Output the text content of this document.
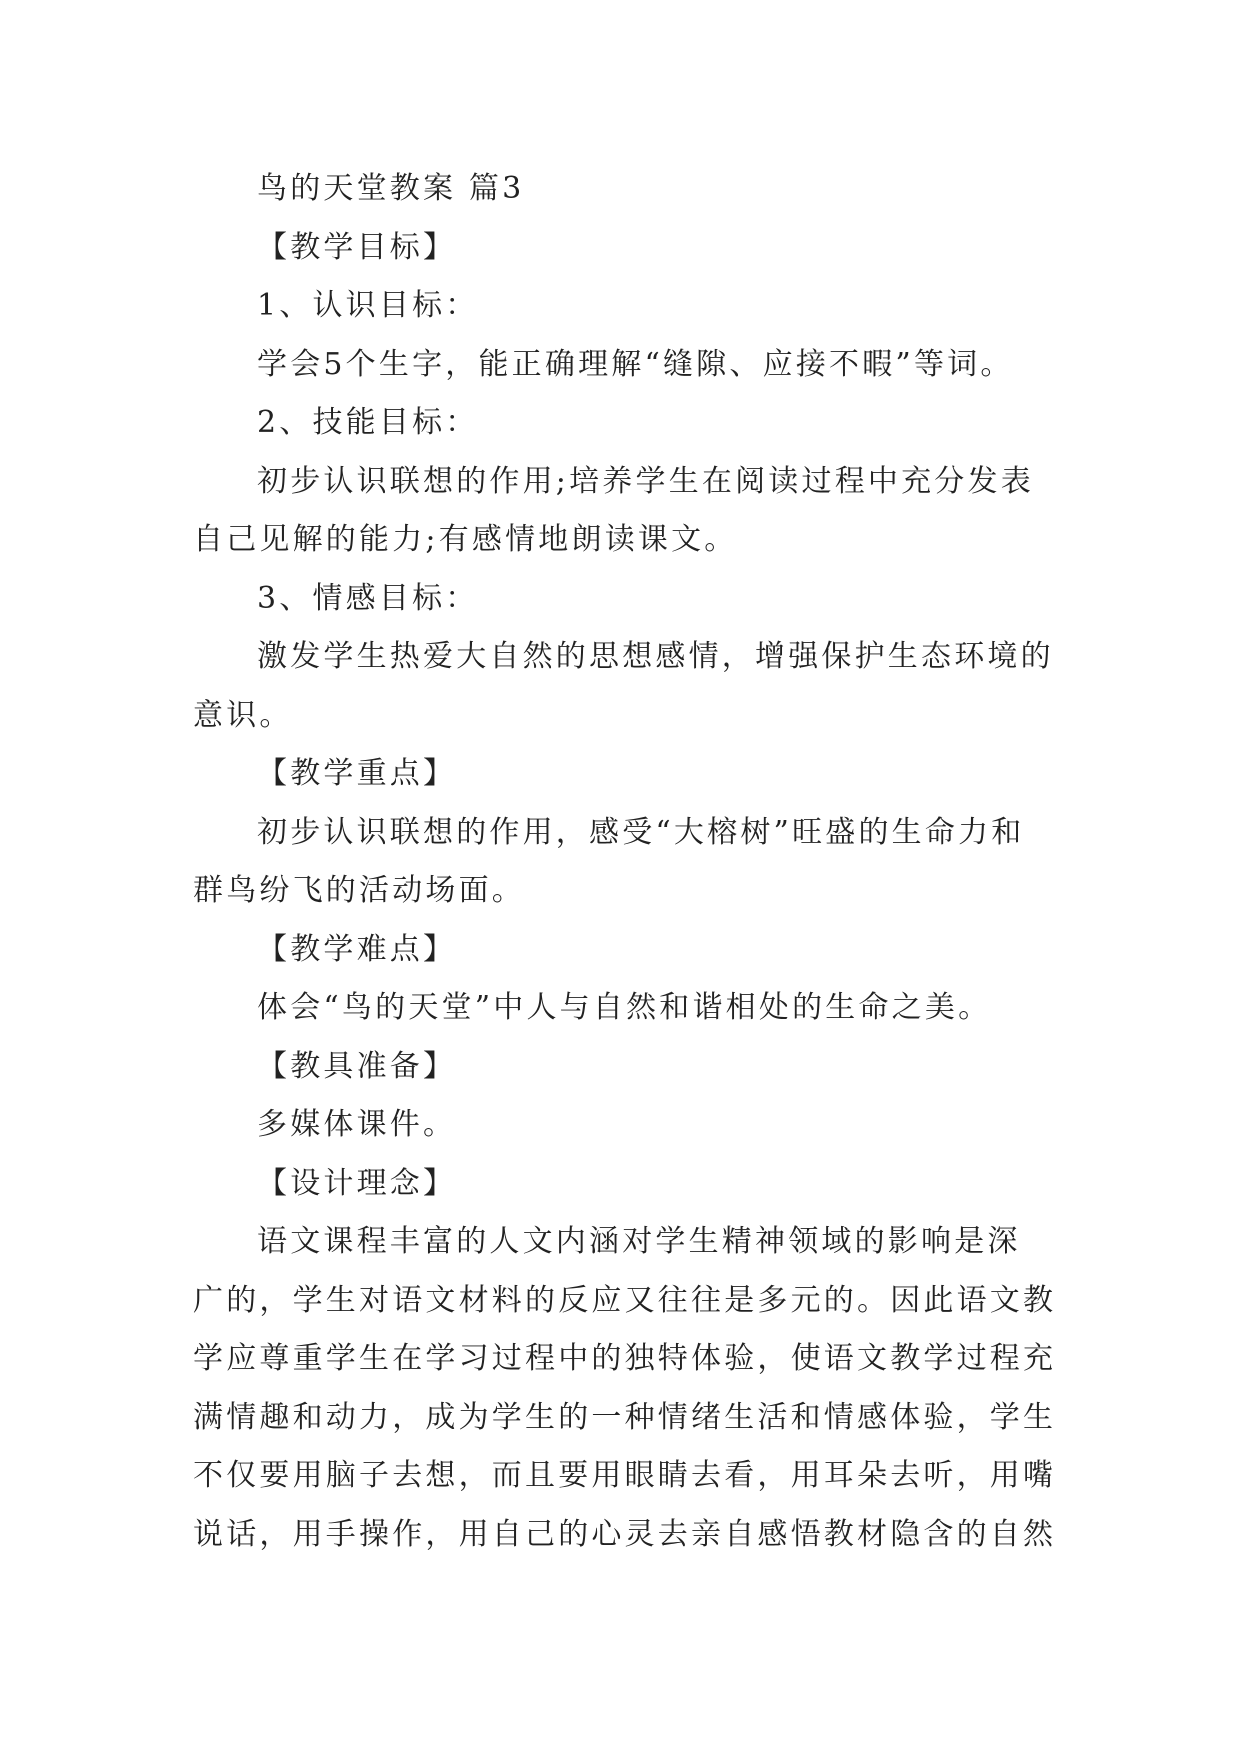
鸟的天堂教案 篇3
【教学目标】
1、认识目标：
学会5个生字，能正确理解“缝隙、应接不暇”等词。
2、技能目标：
初步认识联想的作用;培养学生在阅读过程中充分发表
自己见解的能力;有感情地朗读课文。
3、情感目标：
激发学生热爱大自然的思想感情，增强保护生态环境的
意识。
【教学重点】
初步认识联想的作用，感受“大榕树”旺盛的生命力和
群鸟纷飞的活动场面。
【教学难点】
体会“鸟的天堂”中人与自然和谐相处的生命之美。
【教具准备】
多媒体课件。
【设计理念】
语文课程丰富的人文内涵对学生精神领域的影响是深
广的，学生对语文材料的反应又往往是多元的。因此语文教
学应尊重学生在学习过程中的独特体验，使语文教学过程充
满情趣和动力，成为学生的一种情绪生活和情感体验，学生
不仅要用脑子去想，而且要用眼睛去看，用耳朵去听，用嘴
说话，用手操作，用自己的心灵去亲自感悟教材隐含的自然
